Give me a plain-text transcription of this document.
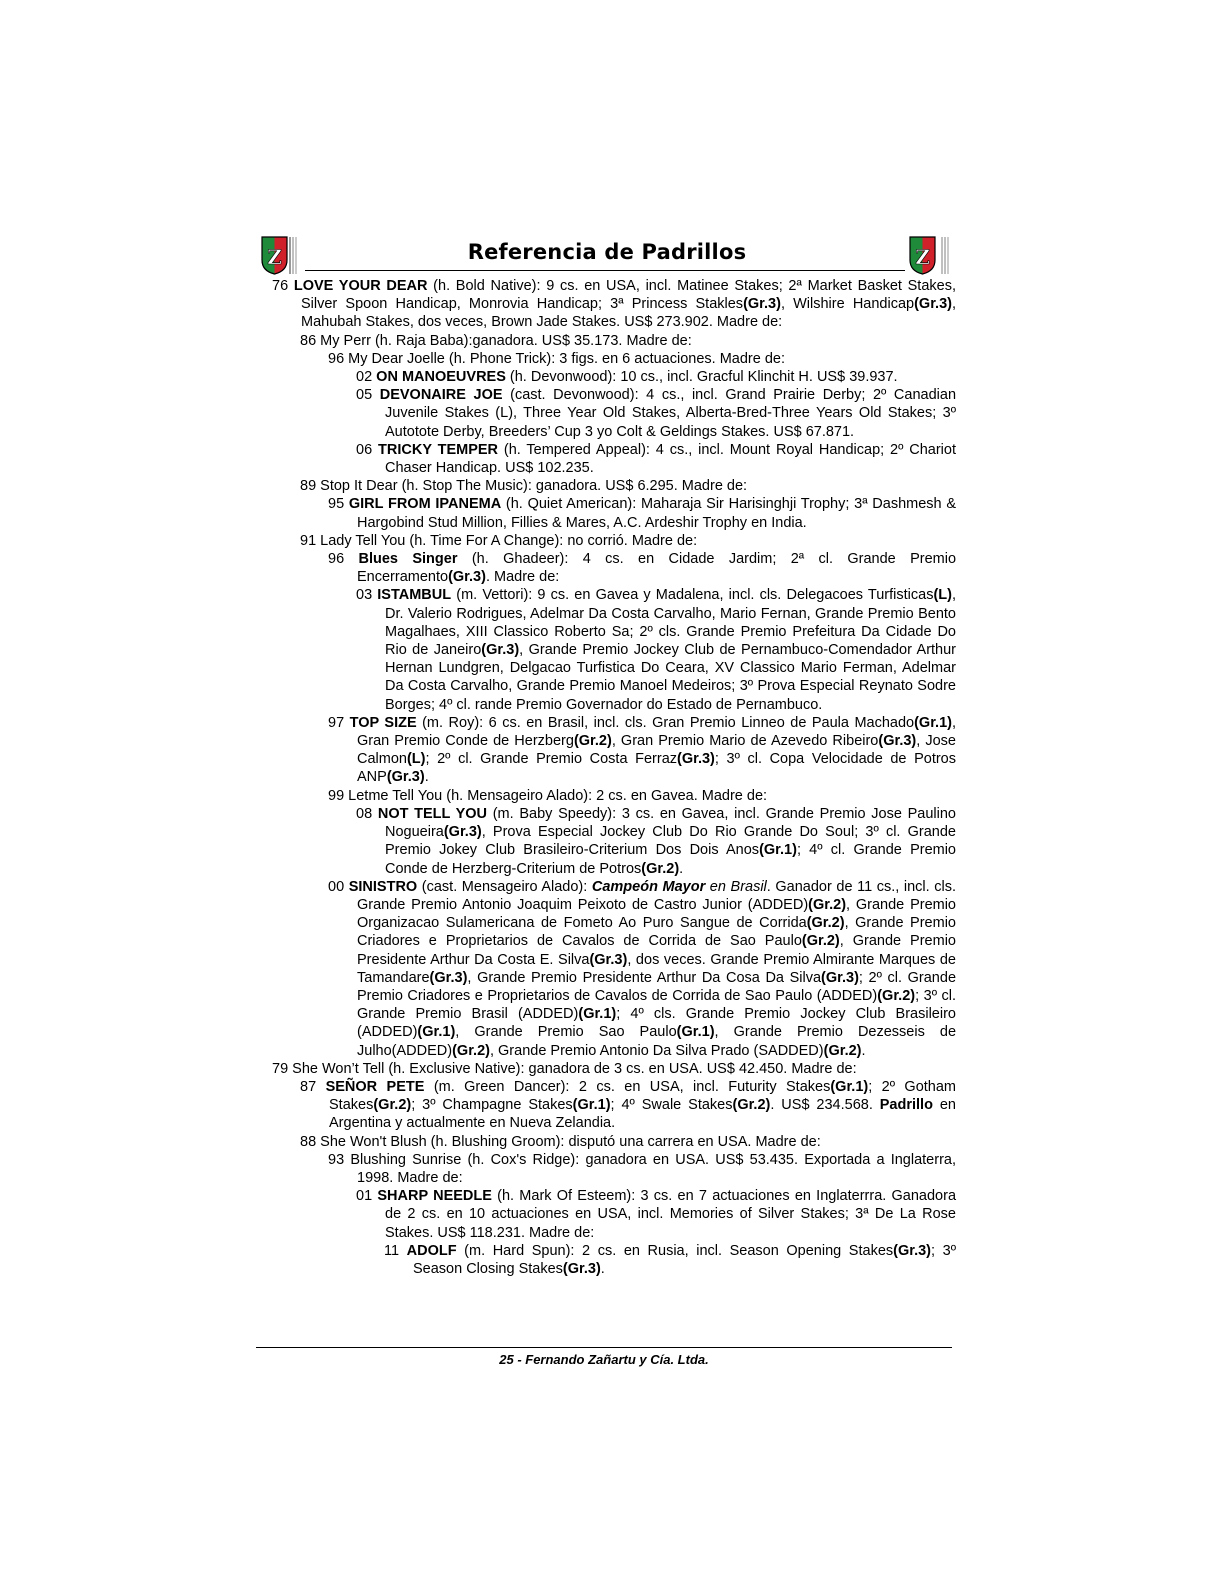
Z	Z
Referencia de Padrillos
76 LOVE YOUR DEAR (h. Bold Native): 9 cs. en USA, incl. Matinee Stakes; 2ª Market Basket Stakes, Silver Spoon Handicap, Monrovia Handicap; 3ª Princess Stakles(Gr.3), Wilshire Handicap(Gr.3), Mahubah Stakes, dos veces, Brown Jade Stakes. US$ 273.902. Madre de:
86 My Perr (h. Raja Baba):ganadora. US$ 35.173. Madre de:
96 My Dear Joelle (h. Phone Trick): 3 figs. en 6 actuaciones. Madre de:
02 ON MANOEUVRES (h. Devonwood): 10 cs., incl. Gracful Klinchit H. US$ 39.937.
05 DEVONAIRE JOE (cast. Devonwood): 4 cs., incl. Grand Prairie Derby; 2º Canadian Juvenile Stakes (L), Three Year Old Stakes, Alberta-Bred-Three Years Old Stakes; 3º Autotote Derby, Breeders’ Cup 3 yo Colt & Geldings Stakes. US$ 67.871.
06 TRICKY TEMPER (h. Tempered Appeal): 4 cs., incl. Mount Royal Handicap; 2º Chariot Chaser Handicap. US$ 102.235.
89 Stop It Dear (h. Stop The Music): ganadora. US$ 6.295. Madre de:
95 GIRL FROM IPANEMA (h. Quiet American): Maharaja Sir Harisinghji Trophy; 3ª Dashmesh & Hargobind Stud Million, Fillies & Mares, A.C. Ardeshir Trophy en India.
91 Lady Tell You (h. Time For A Change): no corrió. Madre de:
96 Blues Singer (h. Ghadeer): 4 cs. en Cidade Jardim; 2ª cl. Grande Premio Encerramento(Gr.3). Madre de:
03 ISTAMBUL (m. Vettori): 9 cs. en Gavea y Madalena, incl. cls. Delegacoes Turfisticas(L), Dr. Valerio Rodrigues, Adelmar Da Costa Carvalho, Mario Fernan, Grande Premio Bento Magalhaes, XIII Classico Roberto Sa; 2º cls. Grande Premio Prefeitura Da Cidade Do Rio de Janeiro(Gr.3), Grande Premio Jockey Club de Pernambuco-Comendador Arthur Hernan Lundgren, Delgacao Turfistica Do Ceara, XV Classico Mario Ferman, Adelmar Da Costa Carvalho, Grande Premio Manoel Medeiros; 3º Prova Especial Reynato Sodre Borges; 4º cl. rande Premio Governador do Estado de Pernambuco.
97 TOP SIZE (m. Roy): 6 cs. en Brasil, incl. cls. Gran Premio Linneo de Paula Machado(Gr.1), Gran Premio Conde de Herzberg(Gr.2), Gran Premio Mario de Azevedo Ribeiro(Gr.3), Jose Calmon(L); 2º cl. Grande Premio Costa Ferraz(Gr.3); 3º cl. Copa Velocidade de Potros ANP(Gr.3).
99 Letme Tell You (h. Mensageiro Alado): 2 cs. en Gavea. Madre de:
08 NOT TELL YOU (m. Baby Speedy): 3 cs. en Gavea, incl. Grande Premio Jose Paulino Nogueira(Gr.3), Prova Especial Jockey Club Do Rio Grande Do Soul; 3º cl. Grande Premio Jokey Club Brasileiro-Criterium Dos Dois Anos(Gr.1); 4º cl. Grande Premio Conde de Herzberg-Criterium de Potros(Gr.2).
00 SINISTRO (cast. Mensageiro Alado): Campeón Mayor en Brasil. Ganador de 11 cs., incl. cls. Grande Premio Antonio Joaquim Peixoto de Castro Junior (ADDED)(Gr.2), Grande Premio Organizacao Sulamericana de Fometo Ao Puro Sangue de Corrida(Gr.2), Grande Premio Criadores e Proprietarios de Cavalos de Corrida de Sao Paulo(Gr.2), Grande Premio Presidente Arthur Da Costa E. Silva(Gr.3), dos veces. Grande Premio Almirante Marques de Tamandare(Gr.3), Grande Premio Presidente Arthur Da Cosa Da Silva(Gr.3); 2º cl. Grande Premio Criadores e Proprietarios de Cavalos de Corrida de Sao Paulo (ADDED)(Gr.2); 3º cl. Grande Premio Brasil (ADDED)(Gr.1); 4º cls. Grande Premio Jockey Club Brasileiro (ADDED)(Gr.1), Grande Premio Sao Paulo(Gr.1), Grande Premio Dezesseis de Julho(ADDED)(Gr.2), Grande Premio Antonio Da Silva Prado (SADDED)(Gr.2).
79 She Won’t Tell (h. Exclusive Native): ganadora de 3 cs. en USA. US$ 42.450. Madre de:
87 SEÑOR PETE (m. Green Dancer): 2 cs. en USA, incl. Futurity Stakes(Gr.1); 2º Gotham Stakes(Gr.2); 3º Champagne Stakes(Gr.1); 4º Swale Stakes(Gr.2). US$ 234.568. Padrillo en Argentina y actualmente en Nueva Zelandia.
88 She Won't Blush (h. Blushing Groom): disputó una carrera en USA. Madre de:
93 Blushing Sunrise (h. Cox's Ridge): ganadora en USA. US$ 53.435. Exportada a Inglaterra, 1998. Madre de:
01 SHARP NEEDLE (h. Mark Of Esteem): 3 cs. en 7 actuaciones en Inglaterrra. Ganadora de 2 cs. en 10 actuaciones en USA, incl. Memories of Silver Stakes; 3ª De La Rose Stakes. US$ 118.231. Madre de:
11 ADOLF (m. Hard Spun): 2 cs. en Rusia, incl. Season Opening Stakes(Gr.3); 3º Season Closing Stakes(Gr.3).
25 - Fernando Zañartu y Cía. Ltda.
